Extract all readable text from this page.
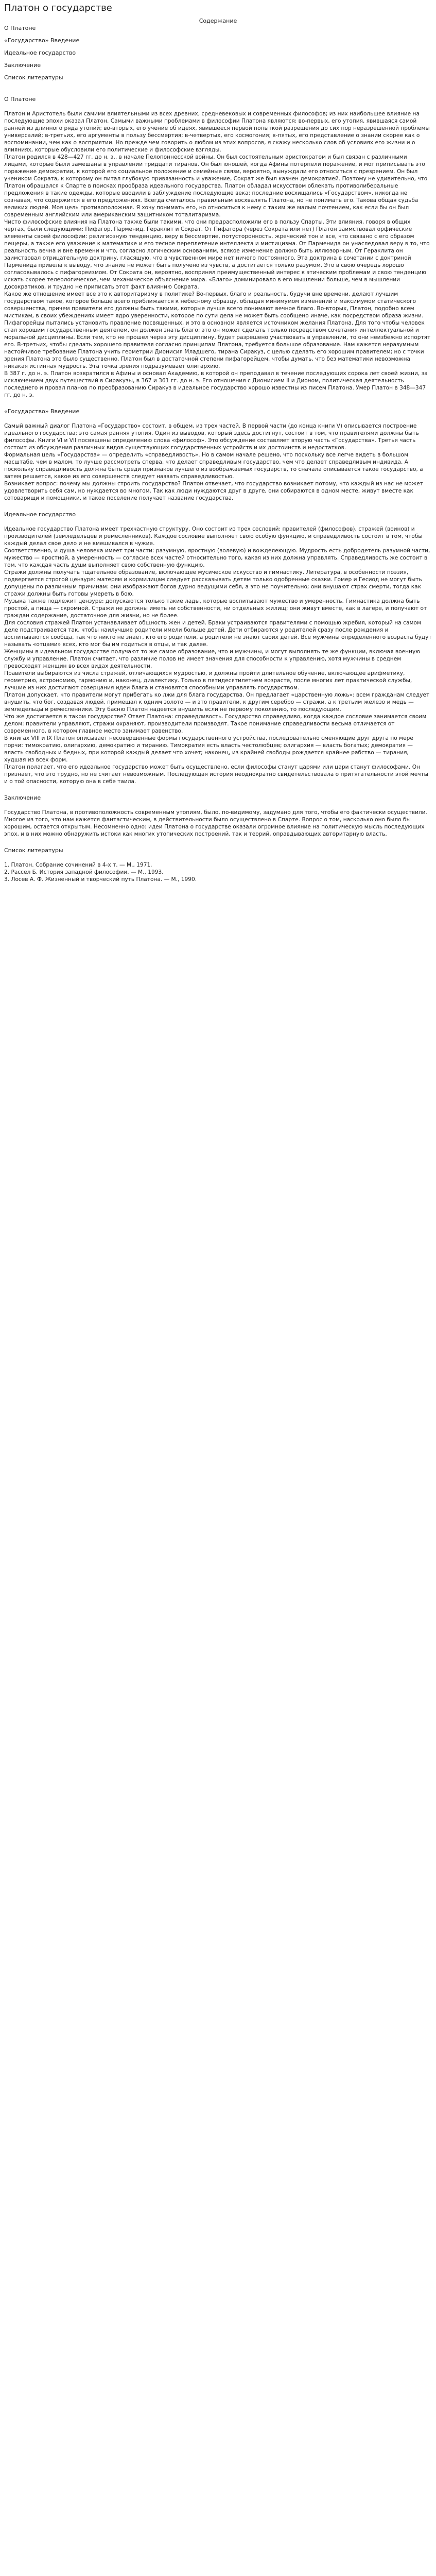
Платон о государстве

Содержание

О Платоне
«Государство» Введение
Идеальное государство
Заключение
Список литературы

О Платоне

Платон и Аристотель были самими влиятельными из всех древних, средневековых и современных философов; из них наибольшее влияние на последующие эпохи оказал Платон. Самыми важными проблемами в философии Платона являются: во-первых, его утопия, явившаяся самой ранней из длинного ряда утопий; во-вторых, его учение об идеях, явившееся первой попыткой разрешения до сих пор неразрешенной проблемы универсалий; в-третьих, его аргументы в пользу бессмертия; в-четвертых, его космогония; в-пятых, его представление о знании скорее как о воспоминании, чем как о восприятии. Но прежде чем говорить о любом из этих вопросов, я скажу несколько слов об условиях его жизни и о влияниях, которые обусловили его политические и философские взгляды.

Платон родился в 428—427 гг. до н. э., в начале Пелопоннесской войны. Он был состоятельным аристократом и был связан с различными лицами, которые были замешаны в управлении тридцати тиранов. Он был юношей, когда Афины потерпели поражение, и мог приписывать это поражение демократии, к которой его социальное положение и семейные связи, вероятно, вынуждали его относиться с презрением. Он был учеником Сократа, к которому он питал глубокую привязанность и уважение, Сократ же был казнен демократией. Поэтому не удивительно, что Платон обращался к Спарте в поисках прообраза идеального государства. Платон обладал искусством облекать противолиберальные предложения в такие одежды, которые вводили в заблуждение последующие века; последние восхищались «Государством», никогда не сознавая, что содержится в его предложениях. Всегда считалось правильным восхвалять Платона, но не понимать его. Такова общая судьба великих людей. Моя цель противоположная. Я хочу понимать его, но относиться к нему с таким же малым почтением, как если бы он был современным английским или американским защитником тоталитаризма.

Чисто философские влияния на Платона также были такими, что они предрасположили его в пользу Спарты. Эти влияния, говоря в общих чертах, были следующими: Пифагор, Парменид, Гераклит и Сократ. От Пифагора (через Сократа или нет) Платон заимствовал орфические элементы своей философии: религиозную тенденцию, веру в бессмертие, потусторонность, жреческий тон и все, что связано с его образом пещеры, а также его уважение к математике и его тесное переплетение интеллекта и мистицизма. От Парменида он унаследовал веру в то, что реальность вечна и вне времени и что, согласно логическим основаниям, всякое изменение должно быть иллюзорным. От Гераклита он заимствовал отрицательную доктрину, гласящую, что в чувственном мире нет ничего постоянного. Эта доктрина в сочетании с доктриной Парменида привела к выводу, что знание не может быть получено из чувств, а достигается только разумом. Это в свою очередь хорошо согласовывалось с пифагореизмом. От Сократа он, вероятно, воспринял преимущественный интерес к этическим проблемам и свою тенденцию искать скорее телеологическое, чем механическое объяснение мира. «Благо» доминировало в его мышлении больше, чем в мышлении досократиков, и трудно не приписать этот факт влиянию Сократа.

Какое же отношение имеет все это к авторитаризму в политике? Во-первых, благо и реальность, будучи вне времени, делают лучшим государством такое, которое больше всего приближается к небесному образцу, обладая минимумом изменений и максимумом статического совершенства, причем правители его должны быть такими, которые лучше всего понимают вечное благо. Во-вторых, Платон, подобно всем мистикам, в своих убеждениях имеет ядро уверенности, которое по сути дела не может быть сообщено иначе, как посредством образа жизни. Пифагорейцы пытались установить правление посвященных, и это в основном является источником желания Платона. Для того чтобы человек стал хорошим государственным деятелем, он должен знать благо; это он может сделать только посредством сочетания интеллектуальной и моральной дисциплины. Если тем, кто не прошел через эту дисциплину, будет разрешено участвовать в управлении, то они неизбежно испортят его. В-третьих, чтобы сделать хорошего правителя согласно принципам Платона, требуется большое образование. Нам кажется неразумным настойчивое требование Платона учить геометрии Дионисия Младшего, тирана Сиракуз, с целью сделать его хорошим правителем; но с точки зрения Платона это было существенно. Платон был в достаточной степени пифагорейцем, чтобы думать, что без математики невозможна никакая истинная мудрость. Эта точка зрения подразумевает олигархию.

В 387 г. до н. э. Платон возвратился в Афины и основал Академию, в которой он преподавал в течение последующих сорока лет своей жизни, за исключением двух путешествий в Сиракузы, в 367 и 361 гг. до н. э. Его отношения с Дионисием II и Дионом, политическая деятельность последнего и провал планов по преобразованию Сиракуз в идеальное государство хорошо известны из писем Платона. Умер Платон в 348—347 гг. до н. э.

«Государство» Введение

Самый важный диалог Платона «Государство» состоит, в общем, из трех частей. В первой части (до конца книги V) описывается построение идеального государства; это самая ранняя утопия. Один из выводов, который здесь достигнут, состоит в том, что правителями должны быть философы. Книги VI и VII посвящены определению слова «философ». Это обсуждение составляет вторую часть «Государства». Третья часть состоит из обсуждения различных видов существующих государственных устройств и их достоинств и недостатков.

Формальная цель «Государства» — определить «справедливость». Но в самом начале решено, что поскольку все легче видеть в большом масштабе, чем в малом, то лучше рассмотреть сперва, что делает справедливым государство, чем что делает справедливым индивида. А поскольку справедливость должна быть среди признаков лучшего из воображаемых государств, то сначала описывается такое государство, а затем решается, какое из его совершенств следует назвать справедливостью.

Возникает вопрос: почему мы должны строить государство? Платон отвечает, что государство возникает потому, что каждый из нас не может удовлетворить себя сам, но нуждается во многом. Так как люди нуждаются друг в друге, они собираются в одном месте, живут вместе как сотоварищи и помощники, и такое поселение получает название государства.

Идеальное государство

Идеальное государство Платона имеет трехчастную структуру. Оно состоит из трех сословий: правителей (философов), стражей (воинов) и производителей (земледельцев и ремесленников). Каждое сословие выполняет свою особую функцию, и справедливость состоит в том, чтобы каждый делал свое дело и не вмешивался в чужие.

Соответственно, и душа человека имеет три части: разумную, яростную (волевую) и вожделеющую. Мудрость есть добродетель разумной части, мужество — яростной, а умеренность — согласие всех частей относительно того, какая из них должна управлять. Справедливость же состоит в том, что каждая часть души выполняет свою собственную функцию.

Стражи должны получать тщательное образование, включающее мусическое искусство и гимнастику. Литература, в особенности поэзия, подвергается строгой цензуре: матерям и кормилицам следует рассказывать детям только одобренные сказки. Гомер и Гесиод не могут быть допущены по различным причинам: они изображают богов дурно ведущими себя, а это не поучительно; они внушают страх смерти, тогда как стражи должны быть готовы умереть в бою.

Музыка также подлежит цензуре: допускаются только такие лады, которые воспитывают мужество и умеренность. Гимнастика должна быть простой, а пища — скромной. Стражи не должны иметь ни собственности, ни отдельных жилищ; они живут вместе, как в лагере, и получают от граждан содержание, достаточное для жизни, но не более.

Для сословия стражей Платон устанавливает общность жен и детей. Браки устраиваются правителями с помощью жребия, который на самом деле подстраивается так, чтобы наилучшие родители имели больше детей. Дети отбираются у родителей сразу после рождения и воспитываются сообща, так что никто не знает, кто его родители, а родители не знают своих детей. Все мужчины определенного возраста будут называть «отцами» всех, кто мог бы им годиться в отцы, и так далее.

Женщины в идеальном государстве получают то же самое образование, что и мужчины, и могут выполнять те же функции, включая военную службу и управление. Платон считает, что различие полов не имеет значения для способности к управлению, хотя мужчины в среднем превосходят женщин во всех видах деятельности.

Правители выбираются из числа стражей, отличающихся мудростью, и должны пройти длительное обучение, включающее арифметику, геометрию, астрономию, гармонию и, наконец, диалектику. Только в пятидесятилетнем возрасте, после многих лет практической службы, лучшие из них достигают созерцания идеи блага и становятся способными управлять государством.

Платон допускает, что правители могут прибегать ко лжи для блага государства. Он предлагает «царственную ложь»: всем гражданам следует внушить, что бог, создавая людей, примешал к одним золото — и это правители, к другим серебро — стражи, а к третьим железо и медь — земледельцы и ремесленники. Эту басню Платон надеется внушить если не первому поколению, то последующим.

Что же достигается в таком государстве? Ответ Платона: справедливость. Государство справедливо, когда каждое сословие занимается своим делом: правители управляют, стражи охраняют, производители производят. Такое понимание справедливости весьма отличается от современного, в котором главное место занимает равенство.

В книгах VIII и IX Платон описывает несовершенные формы государственного устройства, последовательно сменяющие друг друга по мере порчи: тимократию, олигархию, демократию и тиранию. Тимократия есть власть честолюбцев; олигархия — власть богатых; демократия — власть свободных и бедных, при которой каждый делает что хочет; наконец, из крайней свободы рождается крайнее рабство — тирания, худшая из всех форм.

Платон полагает, что его идеальное государство может быть осуществлено, если философы станут царями или цари станут философами. Он признает, что это трудно, но не считает невозможным. Последующая история неоднократно свидетельствовала о притягательности этой мечты и о той опасности, которую она в себе таила.

Заключение

Государство Платона, в противоположность современным утопиям, было, по-видимому, задумано для того, чтобы его фактически осуществили. Многое из того, что нам кажется фантастическим, в действительности было осуществлено в Спарте. Вопрос о том, насколько оно было бы хорошим, остается открытым. Несомненно одно: идеи Платона о государстве оказали огромное влияние на политическую мысль последующих эпох, и в них можно обнаружить истоки как многих утопических построений, так и теорий, оправдывающих авторитарную власть.

Список литературы

1. Платон. Собрание сочинений в 4-х т. — М., 1971.
2. Рассел Б. История западной философии. — М., 1993.
3. Лосев А. Ф. Жизненный и творческий путь Платона. — М., 1990.
